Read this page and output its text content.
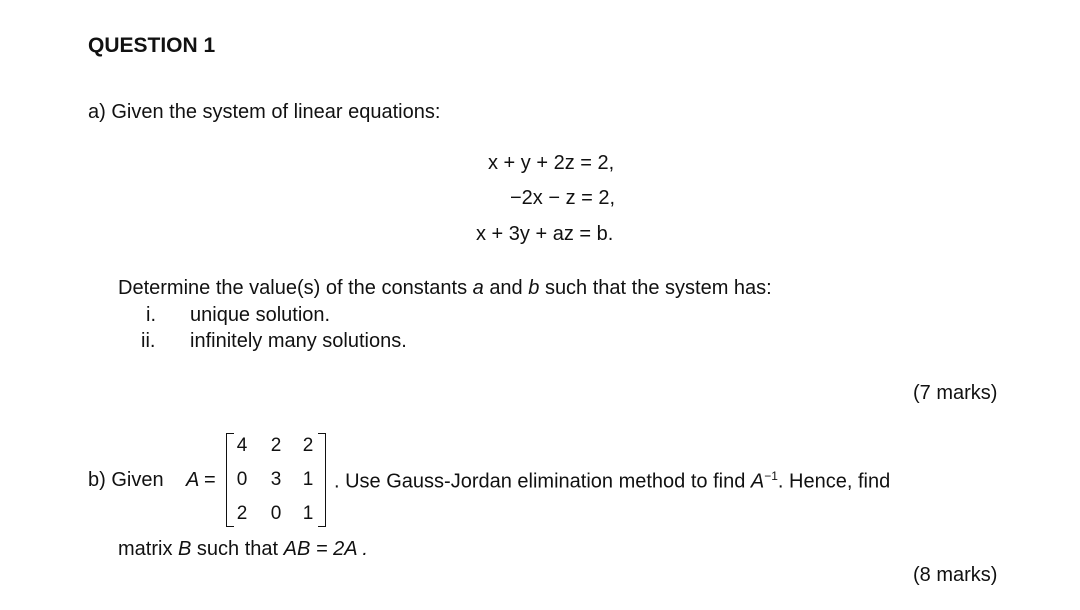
QUESTION 1
a) Given the system of linear equations:
x + y + 2z = 2,
−2x − z = 2,
x + 3y + az = b.
Determine the value(s) of the constants a and b such that the system has:
i. unique solution.
ii. infinitely many solutions.
(7 marks)
b) Given A =
4 2 2
0 3 1
2 0 1
. Use Gauss-Jordan elimination method to find $A^{-1}$. Hence, find
matrix B such that AB = 2A .
(8 marks)
